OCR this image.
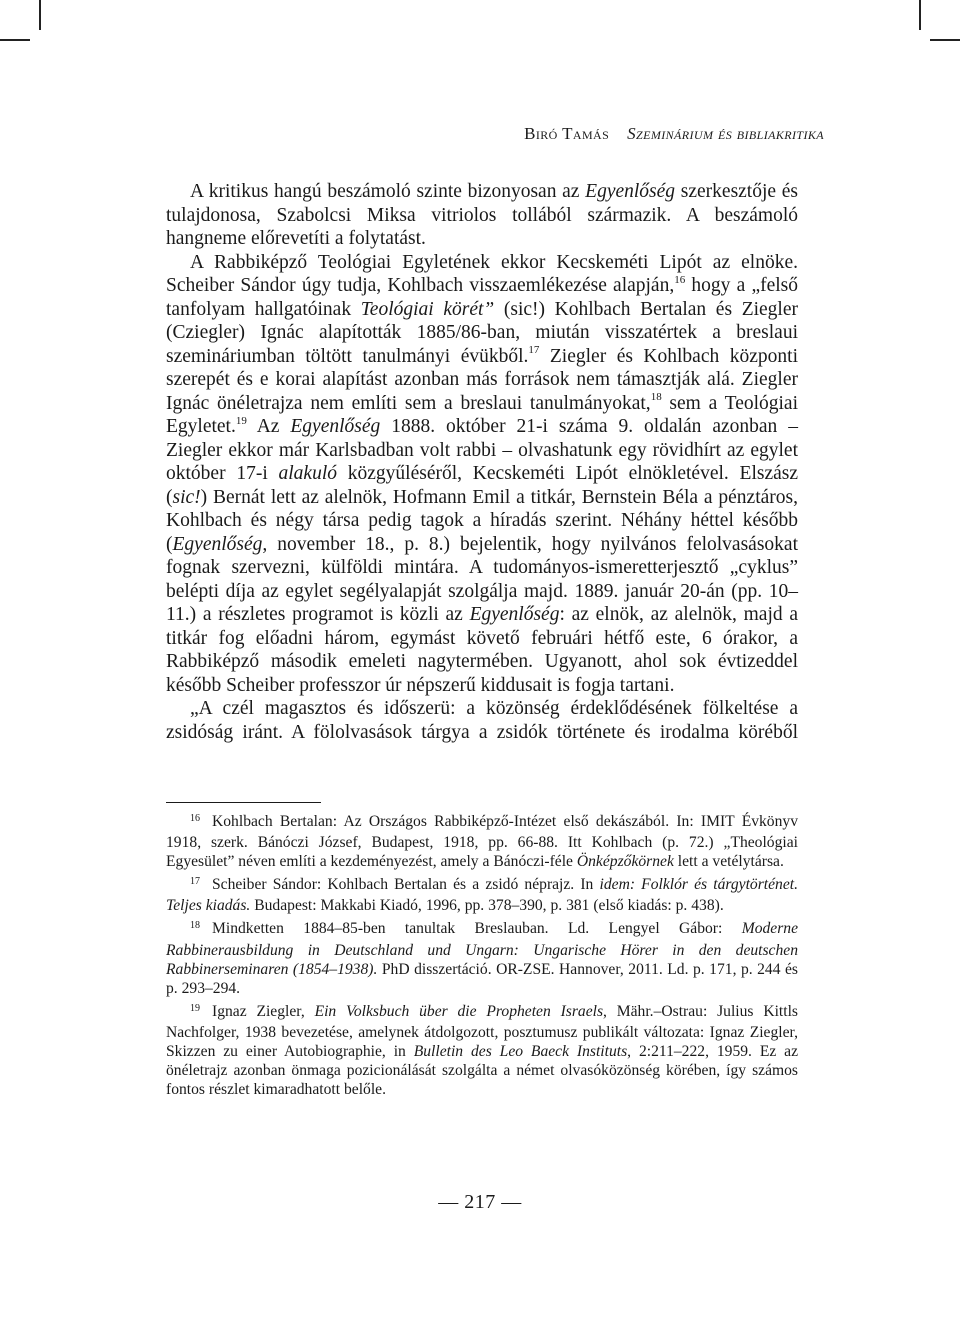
Biró Tamás Szeminárium és bibliakritika

A kritikus hangú beszámoló szinte bizonyosan az Egyenlőség szerkesztője és tulajdonosa, Szabolcsi Miksa vitriolos tollából származik. A beszámoló hangneme előrevetíti a folytatást.

A Rabbiképző Teológiai Egyletének ekkor Kecskeméti Lipót az elnöke. Scheiber Sándor úgy tudja, Kohlbach visszaemlékezése alapján,$^{16}$ hogy a „felső tanfolyam hallgatóinak Teológiai körét” (sic!) Kohlbach Bertalan és Ziegler (Cziegler) Ignác alapították 1885/86-ban, miután visszatértek a breslaui szemináriumban töltött tanulmányi évükből.$^{17}$ Ziegler és Kohlbach központi szerepét és e korai alapítást azonban más források nem támasztják alá. Ziegler Ignác önéletrajza nem említi sem a breslaui tanulmányokat,$^{18}$ sem a Teológiai Egyletet.$^{19}$ Az Egyenlőség 1888. október 21-i száma 9. oldalán azonban – Ziegler ekkor már Karlsbadban volt rabbi – olvashatunk egy rövidhírt az egylet október 17-i alakuló közgyűléséről, Kecskeméti Lipót elnökletével. Elszász (sic!) Bernát lett az alelnök, Hofmann Emil a titkár, Bernstein Béla a pénztáros, Kohlbach és négy társa pedig tagok a híradás szerint. Néhány héttel később (Egyenlőség, november 18., p. 8.) bejelentik, hogy nyilvános felolvasásokat fognak szervezni, külföldi mintára. A tudományos-ismeretterjesztő „cyklus” belépti díja az egylet segélyalapját szolgálja majd. 1889. január 20-án (pp. 10–11.) a részletes programot is közli az Egyenlőség: az elnök, az alelnök, majd a titkár fog előadni három, egymást követő februári hétfő este, 6 órakor, a Rabbiképző második emeleti nagytermében. Ugyanott, ahol sok évtizeddel később Scheiber professzor úr népszerű kiddusait is fogja tartani.

„A czél magasztos és időszerü: a közönség érdeklődésének fölkeltése a zsidóság iránt. A fölolvasások tárgya a zsidók története és irodalma köréből

$^{16}$ Kohlbach Bertalan: Az Országos Rabbiképző-Intézet első dekászából. In: IMIT Évkönyv 1918, szerk. Bánóczi József, Budapest, 1918, pp. 66-88. Itt Kohlbach (p. 72.) „Theológiai Egyesület” néven említi a kezdeményezést, amely a Bánóczi-féle Önképzőkörnek lett a vetélytársa.

$^{17}$ Scheiber Sándor: Kohlbach Bertalan és a zsidó néprajz. In idem: Folklór és tárgytörténet. Teljes kiadás. Budapest: Makkabi Kiadó, 1996, pp. 378–390, p. 381 (első kiadás: p. 438).

$^{18}$ Mindketten 1884–85-ben tanultak Breslauban. Ld. Lengyel Gábor: Moderne Rabbinerausbildung in Deutschland und Ungarn: Ungarische Hörer in den deutschen Rabbinerseminaren (1854–1938). PhD disszertáció. OR-ZSE. Hannover, 2011. Ld. p. 171, p. 244 és p. 293–294.

$^{19}$ Ignaz Ziegler, Ein Volksbuch über die Propheten Israels, Mähr.–Ostrau: Julius Kittls Nachfolger, 1938 bevezetése, amelynek átdolgozott, posztumusz publikált változata: Ignaz Ziegler, Skizzen zu einer Autobiographie, in Bulletin des Leo Baeck Instituts, 2:211–222, 1959. Ez az önéletrajz azonban önmaga pozicionálását szolgálta a német olvasóközönség körében, így számos fontos részlet kimaradhatott belőle.

— 217 —
